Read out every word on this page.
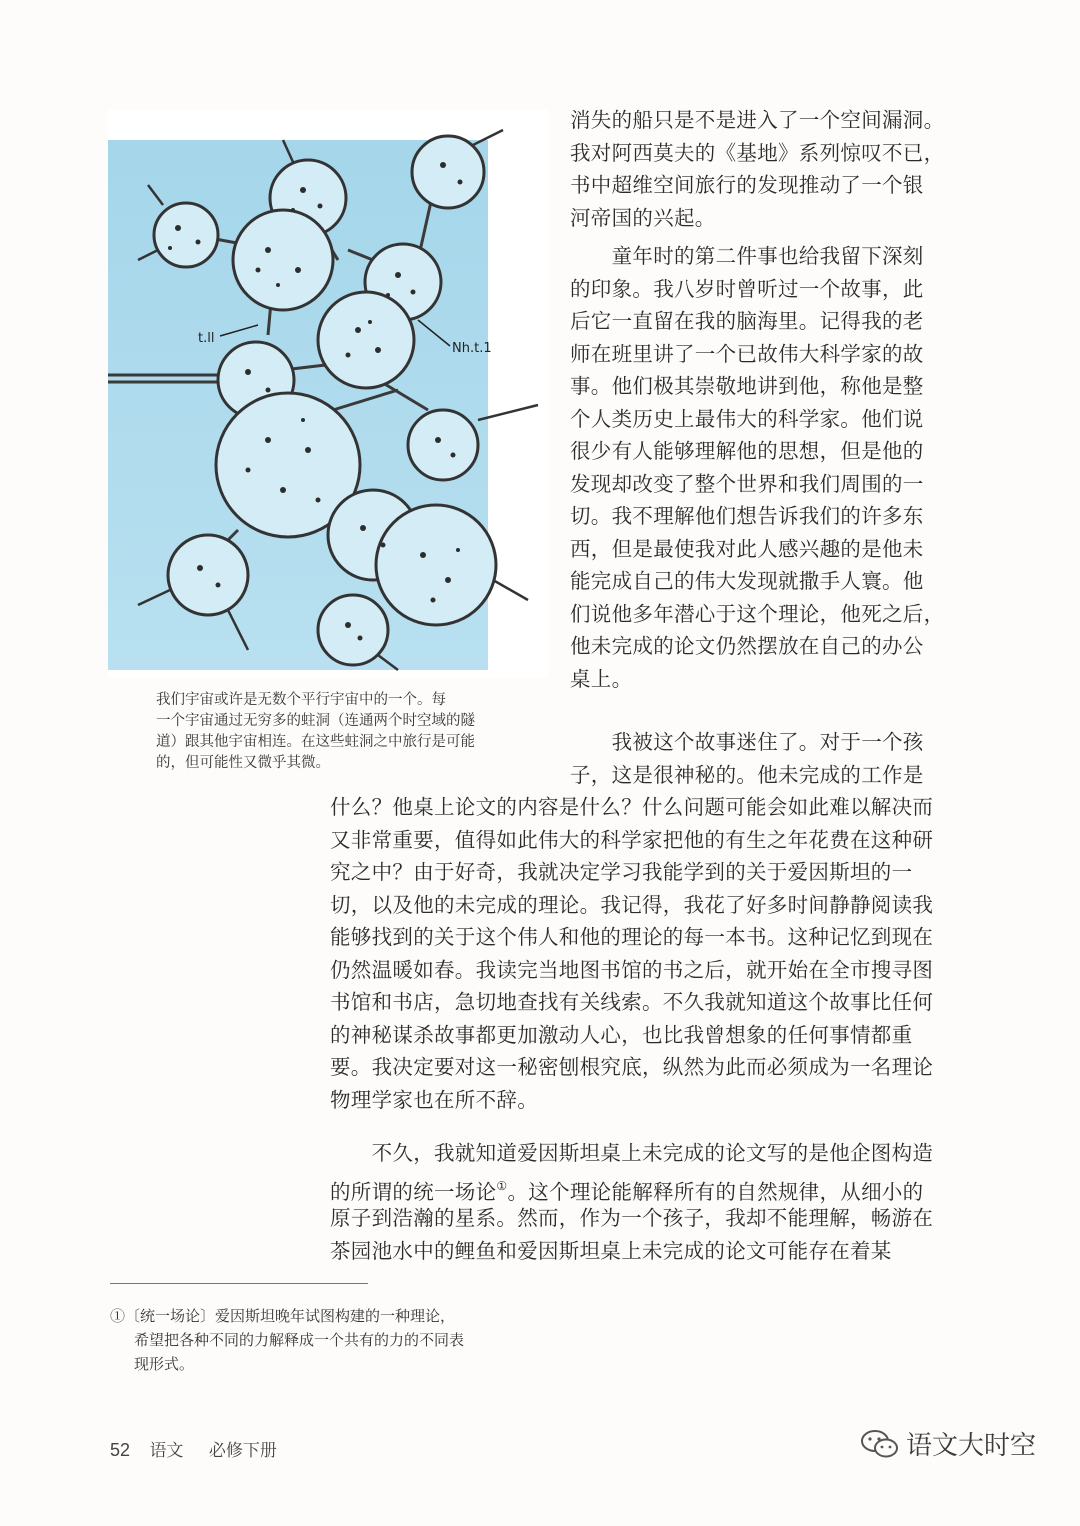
t.ll
Nh.t.1
我们宇宙或许是无数个平行宇宙中的一个。每
一个宇宙通过无穷多的蛀洞（连通两个时空域的隧
道）跟其他宇宙相连。在这些蛀洞之中旅行是可能
的，但可能性又微乎其微。
消失的船只是不是进入了一个空间漏洞。
我对阿西莫夫的《基地》系列惊叹不已，
书中超维空间旅行的发现推动了一个银
河帝国的兴起。
　　童年时的第二件事也给我留下深刻
的印象。我八岁时曾听过一个故事，此
后它一直留在我的脑海里。记得我的老
师在班里讲了一个已故伟大科学家的故
事。他们极其崇敬地讲到他，称他是整
个人类历史上最伟大的科学家。他们说
很少有人能够理解他的思想，但是他的
发现却改变了整个世界和我们周围的一
切。我不理解他们想告诉我们的许多东
西，但是最使我对此人感兴趣的是他未
能完成自己的伟大发现就撒手人寰。他
们说他多年潜心于这个理论，他死之后，
他未完成的论文仍然摆放在自己的办公
桌上。
　　我被这个故事迷住了。对于一个孩
子，这是很神秘的。他未完成的工作是
什么？他桌上论文的内容是什么？什么问题可能会如此难以解决而
又非常重要，值得如此伟大的科学家把他的有生之年花费在这种研
究之中？由于好奇，我就决定学习我能学到的关于爱因斯坦的一
切，以及他的未完成的理论。我记得，我花了好多时间静静阅读我
能够找到的关于这个伟人和他的理论的每一本书。这种记忆到现在
仍然温暖如春。我读完当地图书馆的书之后，就开始在全市搜寻图
书馆和书店，急切地查找有关线索。不久我就知道这个故事比任何
的神秘谋杀故事都更加激动人心，也比我曾想象的任何事情都重
要。我决定要对这一秘密刨根究底，纵然为此而必须成为一名理论
物理学家也在所不辞。
　　不久，我就知道爱因斯坦桌上未完成的论文写的是他企图构造
的所谓的统一场论①。这个理论能解释所有的自然规律，从细小的
原子到浩瀚的星系。然而，作为一个孩子，我却不能理解，畅游在
茶园池水中的鲤鱼和爱因斯坦桌上未完成的论文可能存在着某
①〔统一场论〕爱因斯坦晚年试图构建的一种理论，
希望把各种不同的力解释成一个共有的力的不同表
现形式。
52 语文 必修下册	语文大时空
